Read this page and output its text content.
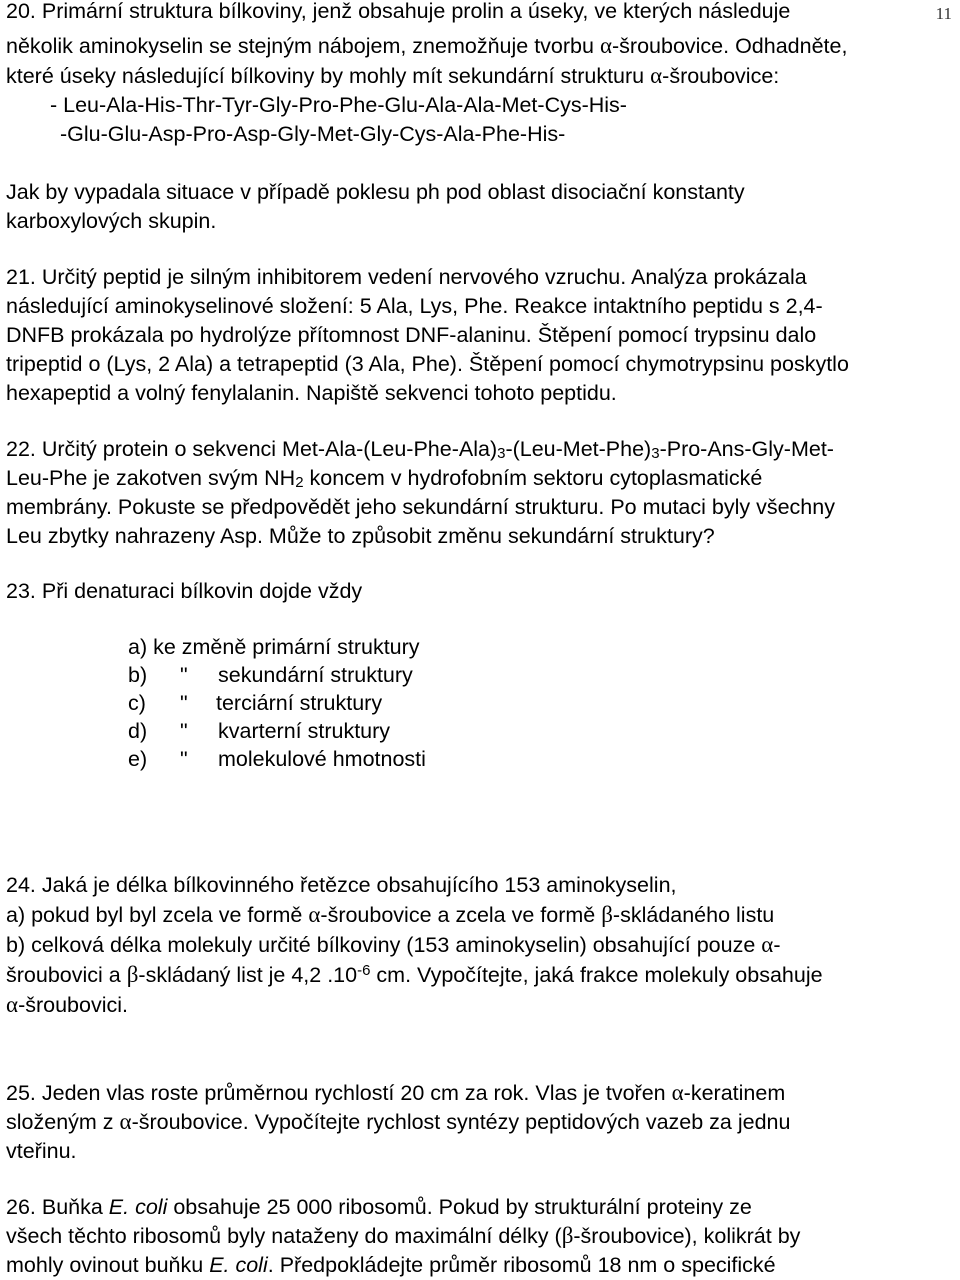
11
20. Primární struktura bílkoviny, jenž obsahuje prolin a úseky, ve kterých následuje
několik aminokyselin se stejným nábojem, znemožňuje tvorbu α-šroubovice. Odhadněte,
které úseky následující bílkoviny by mohly mít sekundární strukturu α-šroubovice:
- Leu-Ala-His-Thr-Tyr-Gly-Pro-Phe-Glu-Ala-Ala-Met-Cys-His-
-Glu-Glu-Asp-Pro-Asp-Gly-Met-Gly-Cys-Ala-Phe-His-
Jak by vypadala situace v případě poklesu ph pod oblast disociační konstanty
karboxylových skupin.
21. Určitý peptid je silným inhibitorem vedení nervového vzruchu. Analýza prokázala
následující aminokyselinové složení: 5 Ala, Lys, Phe. Reakce intaktního peptidu s 2,4-
DNFB prokázala po hydrolýze přítomnost DNF-alaninu. Štěpení pomocí trypsinu dalo
tripeptid o (Lys, 2 Ala) a tetrapeptid (3 Ala, Phe). Štěpení pomocí chymotrypsinu poskytlo
hexapeptid a volný fenylalanin. Napiště sekvenci tohoto peptidu.
22. Určitý protein o sekvenci Met-$Ala-(Leu-Phe-Ala)_3-(Leu-Met-Phe)_3-Pro-Ans-Gly-Met-$
Leu-Phe je zakotven svým $NH_2$ koncem v hydrofobním sektoru cytoplasmatické
membrány. Pokuste se předpovědět jeho sekundární strukturu. Po mutaci byly všechny
Leu zbytky nahrazeny Asp. Může to způsobit změnu sekundární struktury?
23. Při denaturaci bílkovin dojde vždy
a) ke změně primární struktury
b) " sekundární struktury
c) " terciární struktury
d) " kvarterní struktury
e) " molekulové hmotnosti
24. Jaká je délka bílkovinného řetězce obsahujícího 153 aminokyselin,
a) pokud byl byl zcela ve formě α-šroubovice a zcela ve formě β-skládaného listu
b) celková délka molekuly určité bílkoviny (153 aminokyselin) obsahující pouze α-
šroubovici a β-skládaný list je 4,2 $.10^{-6}$ cm. Vypočítejte, jaká frakce molekuly obsahuje
α-šroubovici.
25. Jeden vlas roste průměrnou rychlostí 20 cm za rok. Vlas je tvořen α-keratinem
složeným z α-šroubovice. Vypočítejte rychlost syntézy peptidových vazeb za jednu
vteřinu.
26. Buňka E. coli obsahuje 25 000 ribosomů. Pokud by strukturální proteiny ze
všech těchto ribosomů byly nataženy do maximální délky (β-šroubovice), kolikrát by
mohly ovinout buňku E. coli. Předpokládejte průměr ribosomů 18 nm o specifické
